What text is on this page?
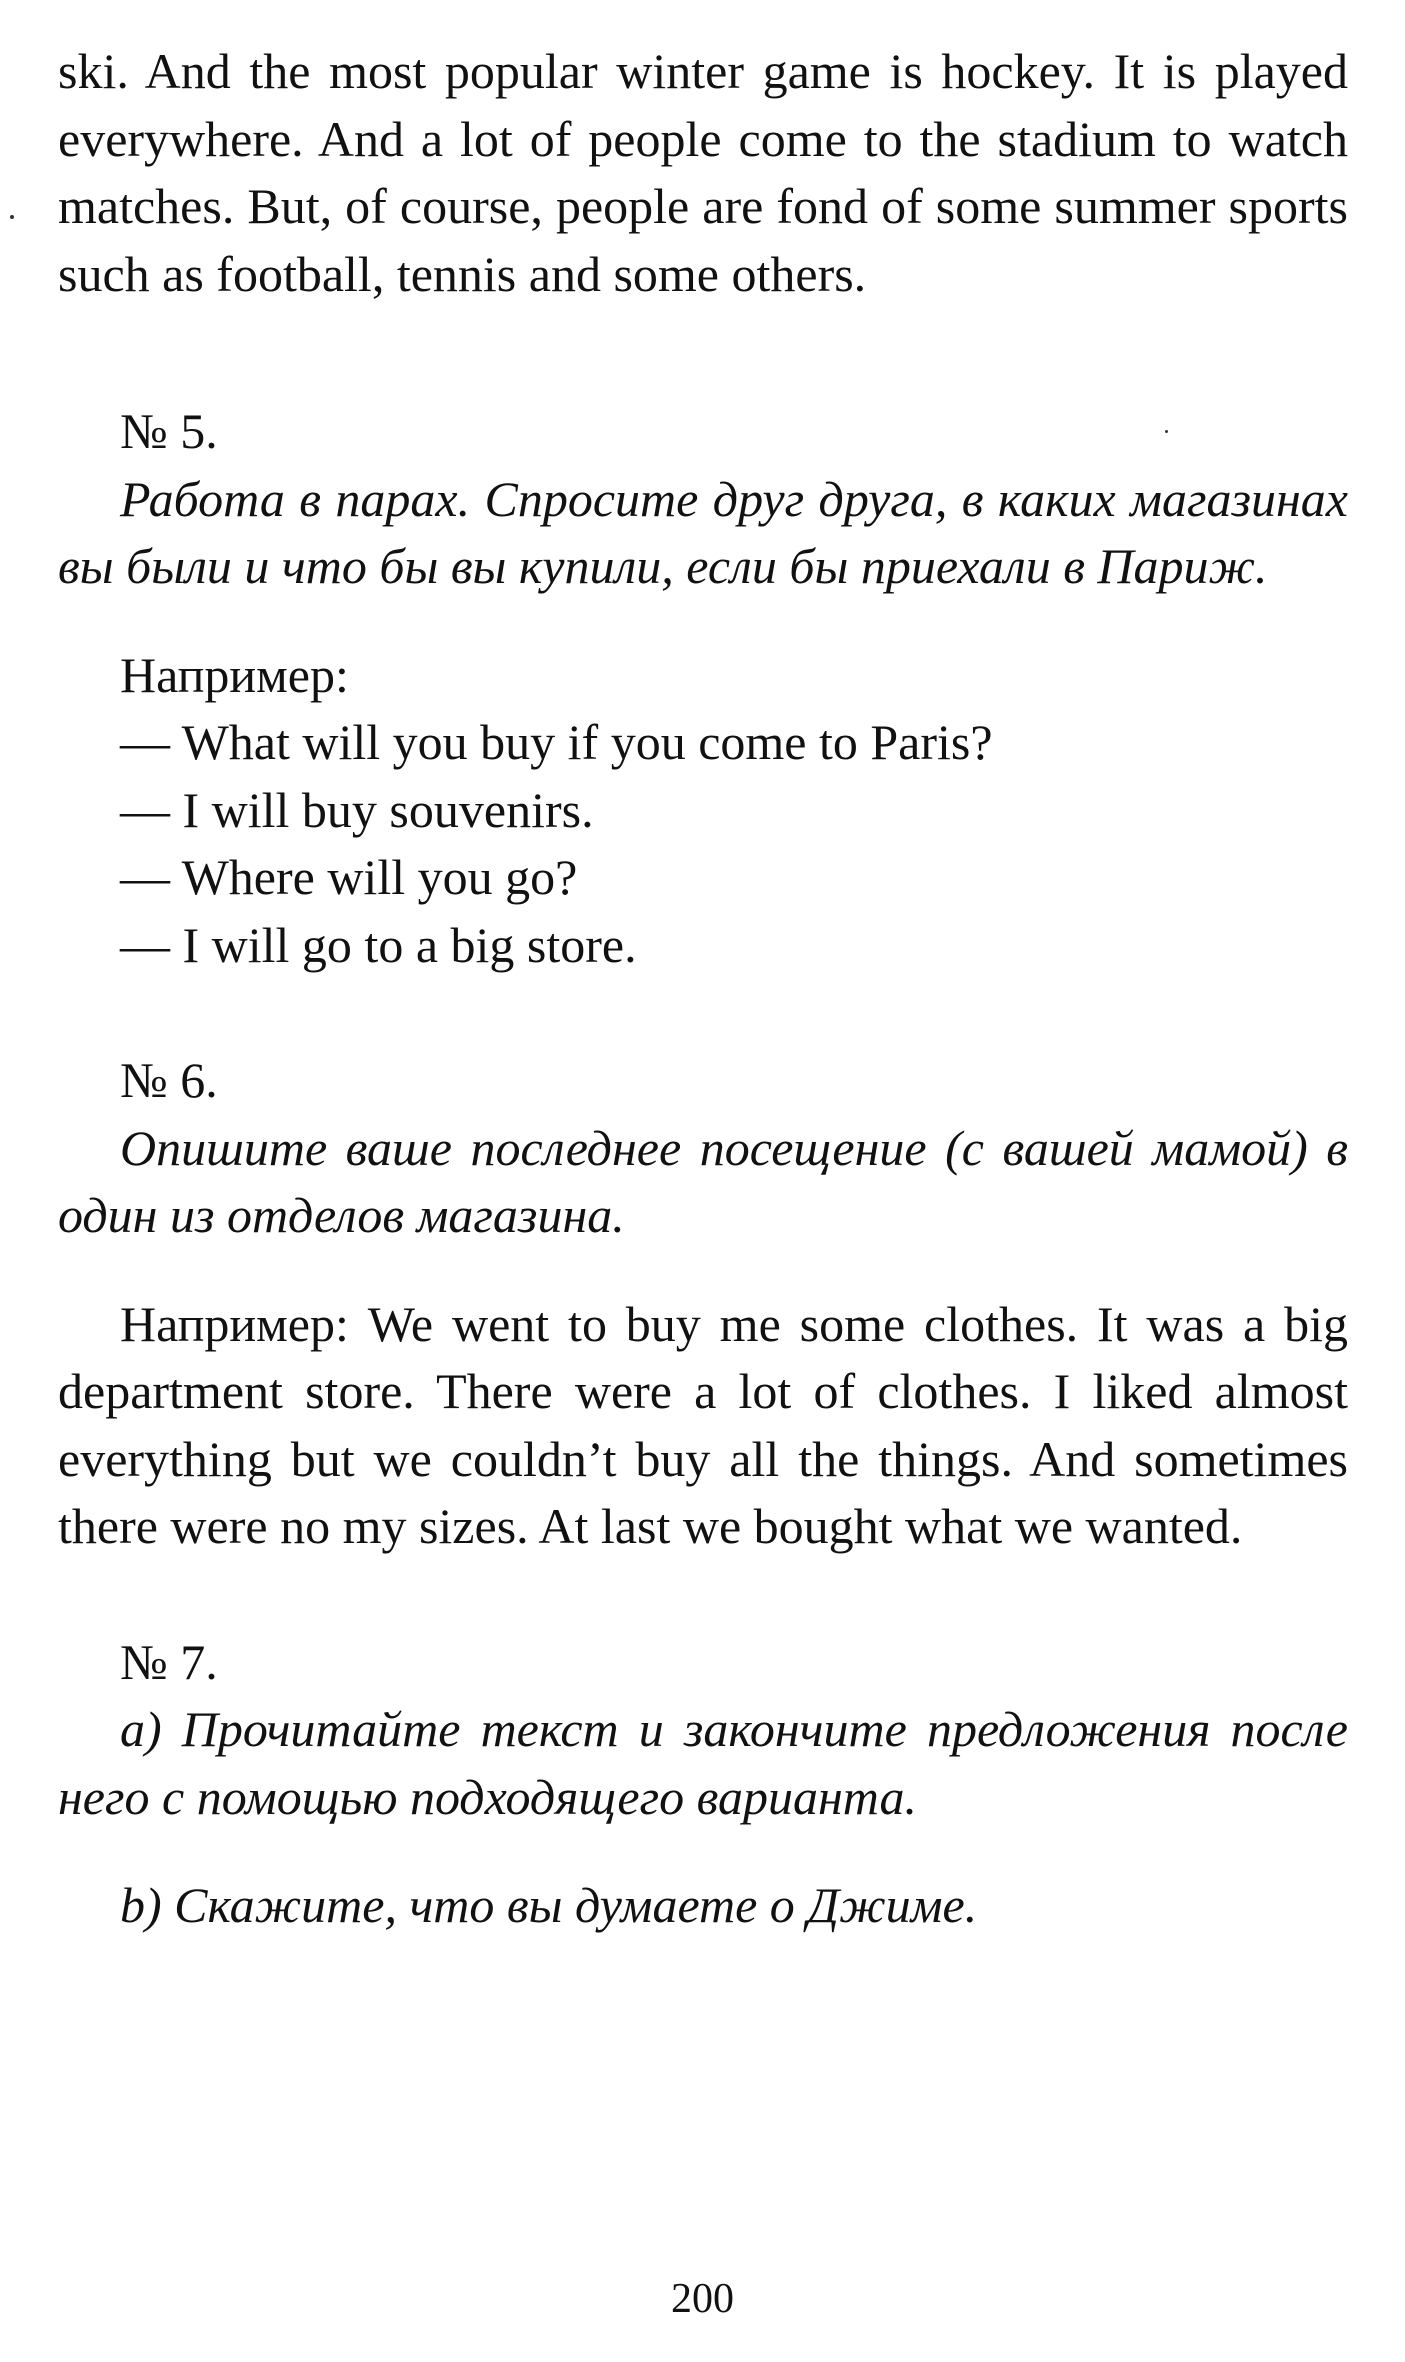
ski. And the most popular winter game is hockey. It is played everywhere. And a lot of people come to the stadium to watch matches. But, of course, people are fond of some summer sports such as football, tennis and some others.

№ 5.

Работа в парах. Спросите друг друга, в каких магазинах вы были и что бы вы купили, если бы приехали в Париж.

Например:

— What will you buy if you come to Paris?
— I will buy souvenirs.
— Where will you go?
— I will go to a big store.

№ 6.

Опишите ваше последнее посещение (с вашей мамой) в один из отделов магазина.

Например: We went to buy me some clothes. It was a big department store. There were a lot of clothes. I liked almost everything but we couldn’t buy all the things. And sometimes there were no my sizes. At last we bought what we wanted.

№ 7.

a) Прочитайте текст и закончите предложения после него с помощью подходящего варианта.

b) Скажите, что вы думаете о Джиме.

200
